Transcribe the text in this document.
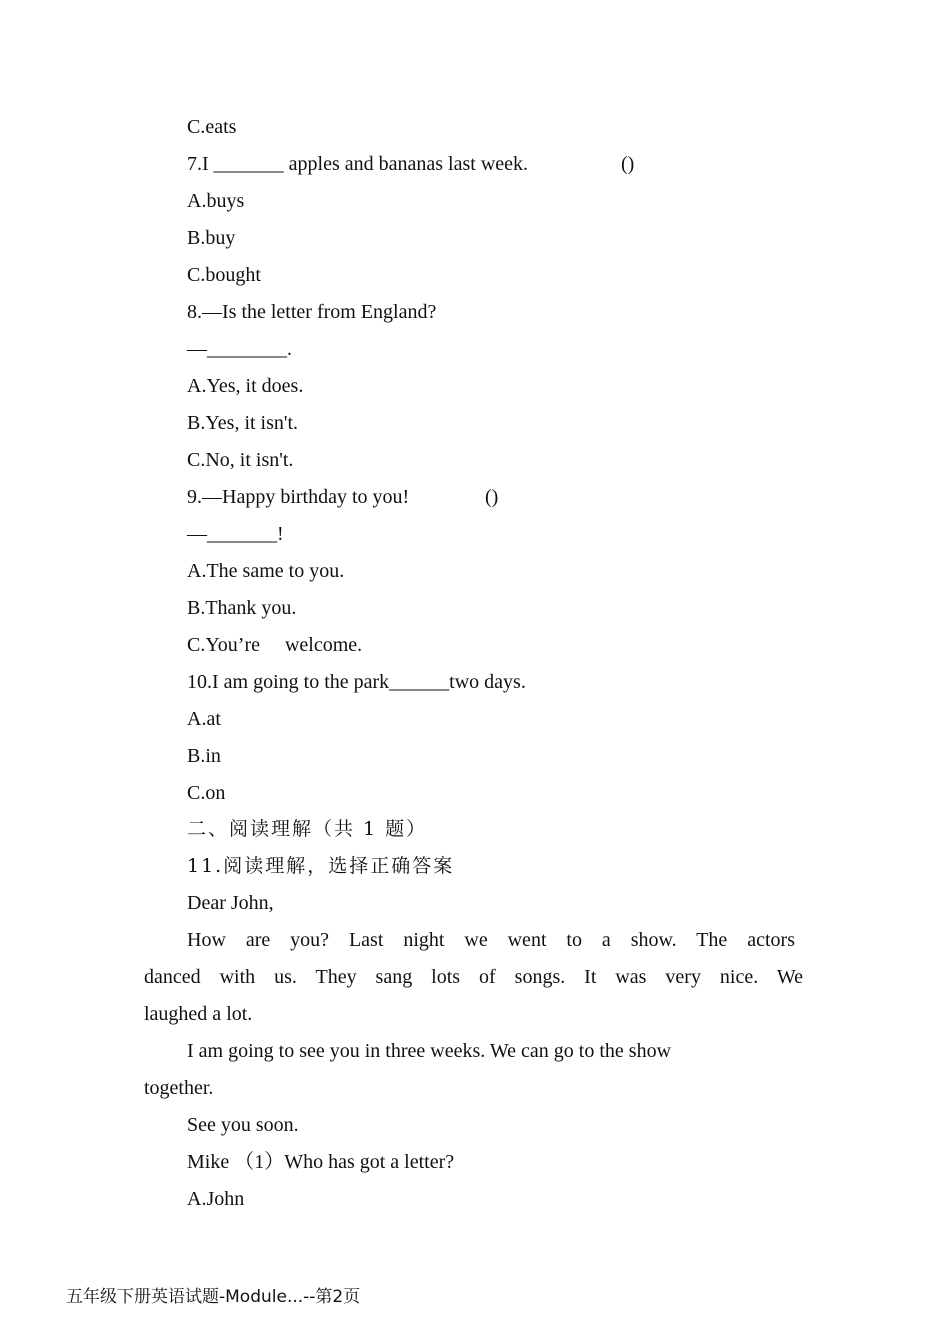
C.eats
7.I _______ apples and bananas last week.	()
A.buys
B.buy
C.bought
8.—Is the letter from England?
—________.
A.Yes, it does.
B.Yes, it isn't.
C.No, it isn't.
9.—Happy birthday to you!	()
—_______!
A.The same to you.
B.Thank you.
C.You’re     welcome.
10.I am going to the park______two days.
A.at
B.in
C.on
二、阅读理解（共 1 题）
11.阅读理解，选择正确答案
Dear John,
How are you? Last night we went to a show. The actors
danced with us. They sang lots of songs. It was very nice. We
laughed a lot.
I am going to see you in three weeks. We can go to the show
together.
See you soon.
Mike （1）Who has got a letter?
A.John
五年级下册英语试题-Module...--第2页
